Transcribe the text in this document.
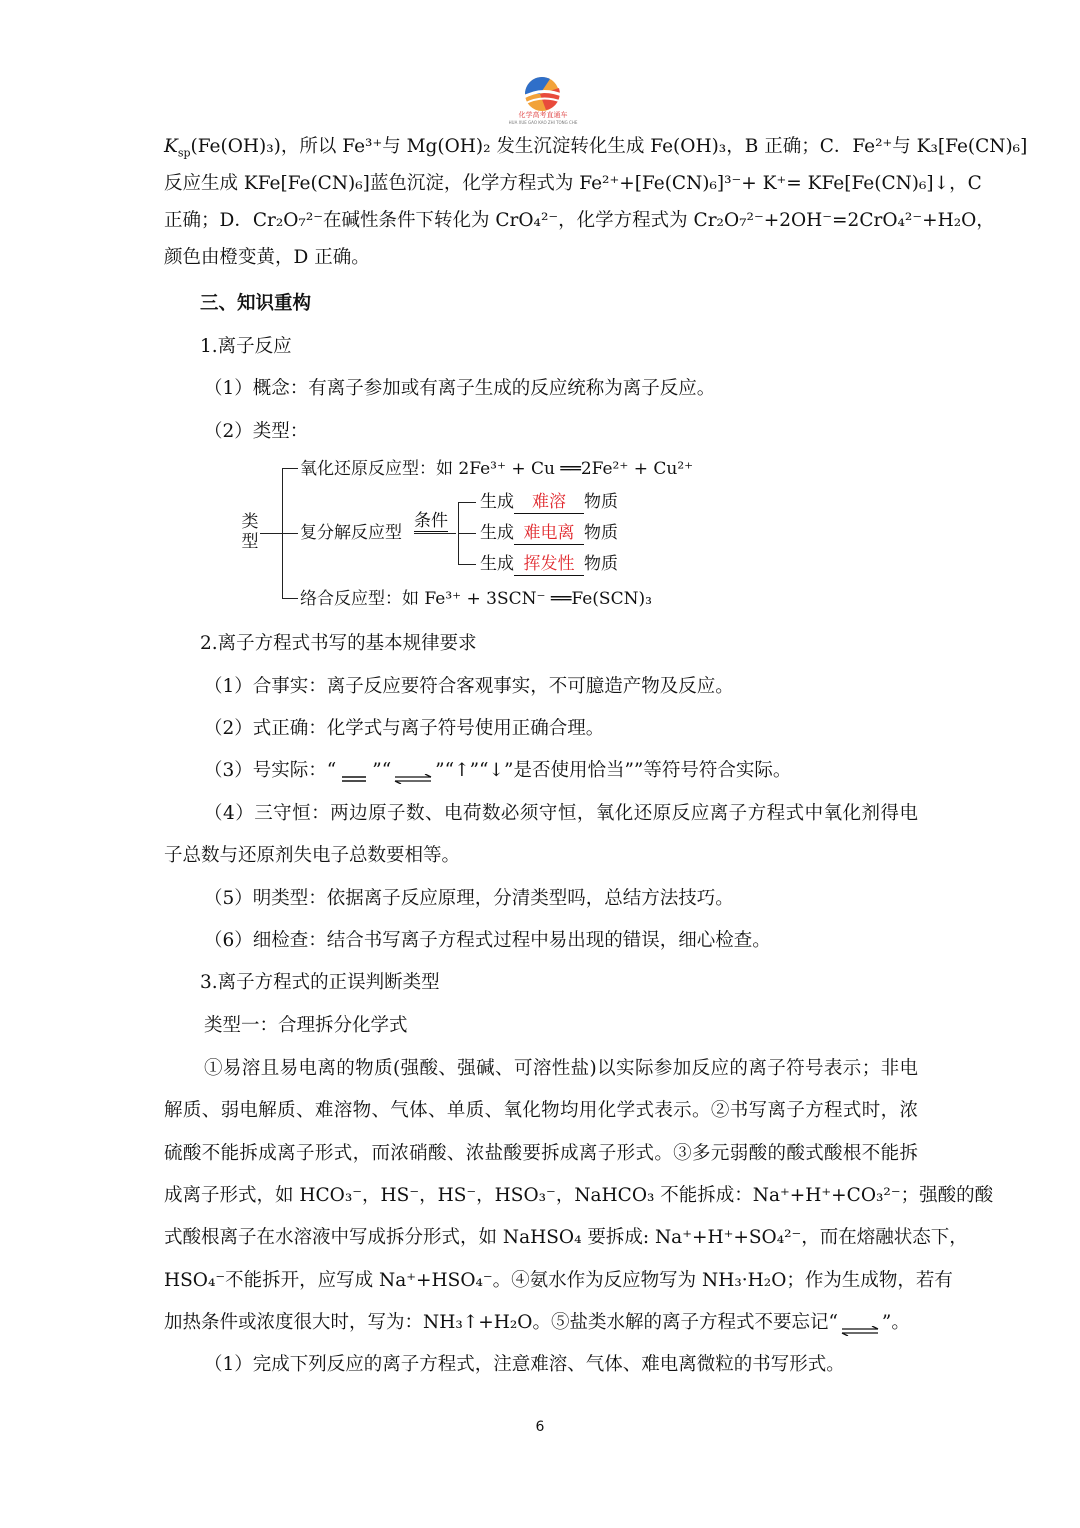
化学高考直通车
HUA XUE GAO KAO ZHI TONG CHE
$K_{sp}(Fe(OH)_3)$，所以 Fe³⁺与 Mg(OH)₂ 发生沉淀转化生成 Fe(OH)₃，B 正确；C．Fe²⁺与 K₃[Fe(CN)₆]
反应生成 KFe[Fe(CN)₆]蓝色沉淀，化学方程式为 Fe²⁺+[Fe(CN)₆]³⁻+ K⁺= KFe[Fe(CN)₆]↓，C
正确；D．Cr₂O₇²⁻在碱性条件下转化为 CrO₄²⁻，化学方程式为 Cr₂O₇²⁻+2OH⁻=2CrO₄²⁻+H₂O，
颜色由橙变黄，D 正确。
三、知识重构
1.离子反应
（1）概念：有离子参加或有离子生成的反应统称为离子反应。
（2）类型：
类型
氧化还原反应型：如 2Fe³⁺ + Cu ══2Fe²⁺ + Cu²⁺
复分解反应型
条件
生成 难溶 物质
生成 难电离 物质
生成 挥发性 物质
络合反应型：如 Fe³⁺ + 3SCN⁻ ══Fe(SCN)₃
2.离子方程式书写的基本规律要求
（1）合事实：离子反应要符合客观事实，不可臆造产物及反应。
（2）式正确：化学式与离子符号使用正确合理。
（3）号实际：“ ”“⇌”“↑”“↓”是否使用恰当””等符号符合实际。
（4）三守恒：两边原子数、电荷数必须守恒，氧化还原反应离子方程式中氧化剂得电
子总数与还原剂失电子总数要相等。
（5）明类型：依据离子反应原理，分清类型吗，总结方法技巧。
（6）细检查：结合书写离子方程式过程中易出现的错误，细心检查。
3.离子方程式的正误判断类型
类型一：合理拆分化学式
①易溶且易电离的物质(强酸、强碱、可溶性盐)以实际参加反应的离子符号表示；非电
解质、弱电解质、难溶物、气体、单质、氧化物均用化学式表示。②书写离子方程式时，浓
硫酸不能拆成离子形式，而浓硝酸、浓盐酸要拆成离子形式。③多元弱酸的酸式酸根不能拆
成离子形式，如 HCO₃⁻，HS⁻，HS⁻，HSO₃⁻，NaHCO₃ 不能拆成：Na⁺+H⁺+CO₃²⁻；强酸的酸
式酸根离子在水溶液中写成拆分形式，如 NaHSO₄ 要拆成: Na⁺+H⁺+SO₄²⁻，而在熔融状态下，
HSO₄⁻不能拆开，应写成 Na⁺+HSO₄⁻。④氨水作为反应物写为 NH₃·H₂O；作为生成物，若有
加热条件或浓度很大时，写为：NH₃↑+H₂O。⑤盐类水解的离子方程式不要忘记“⇌”。
（1）完成下列反应的离子方程式，注意难溶、气体、难电离微粒的书写形式。
6
